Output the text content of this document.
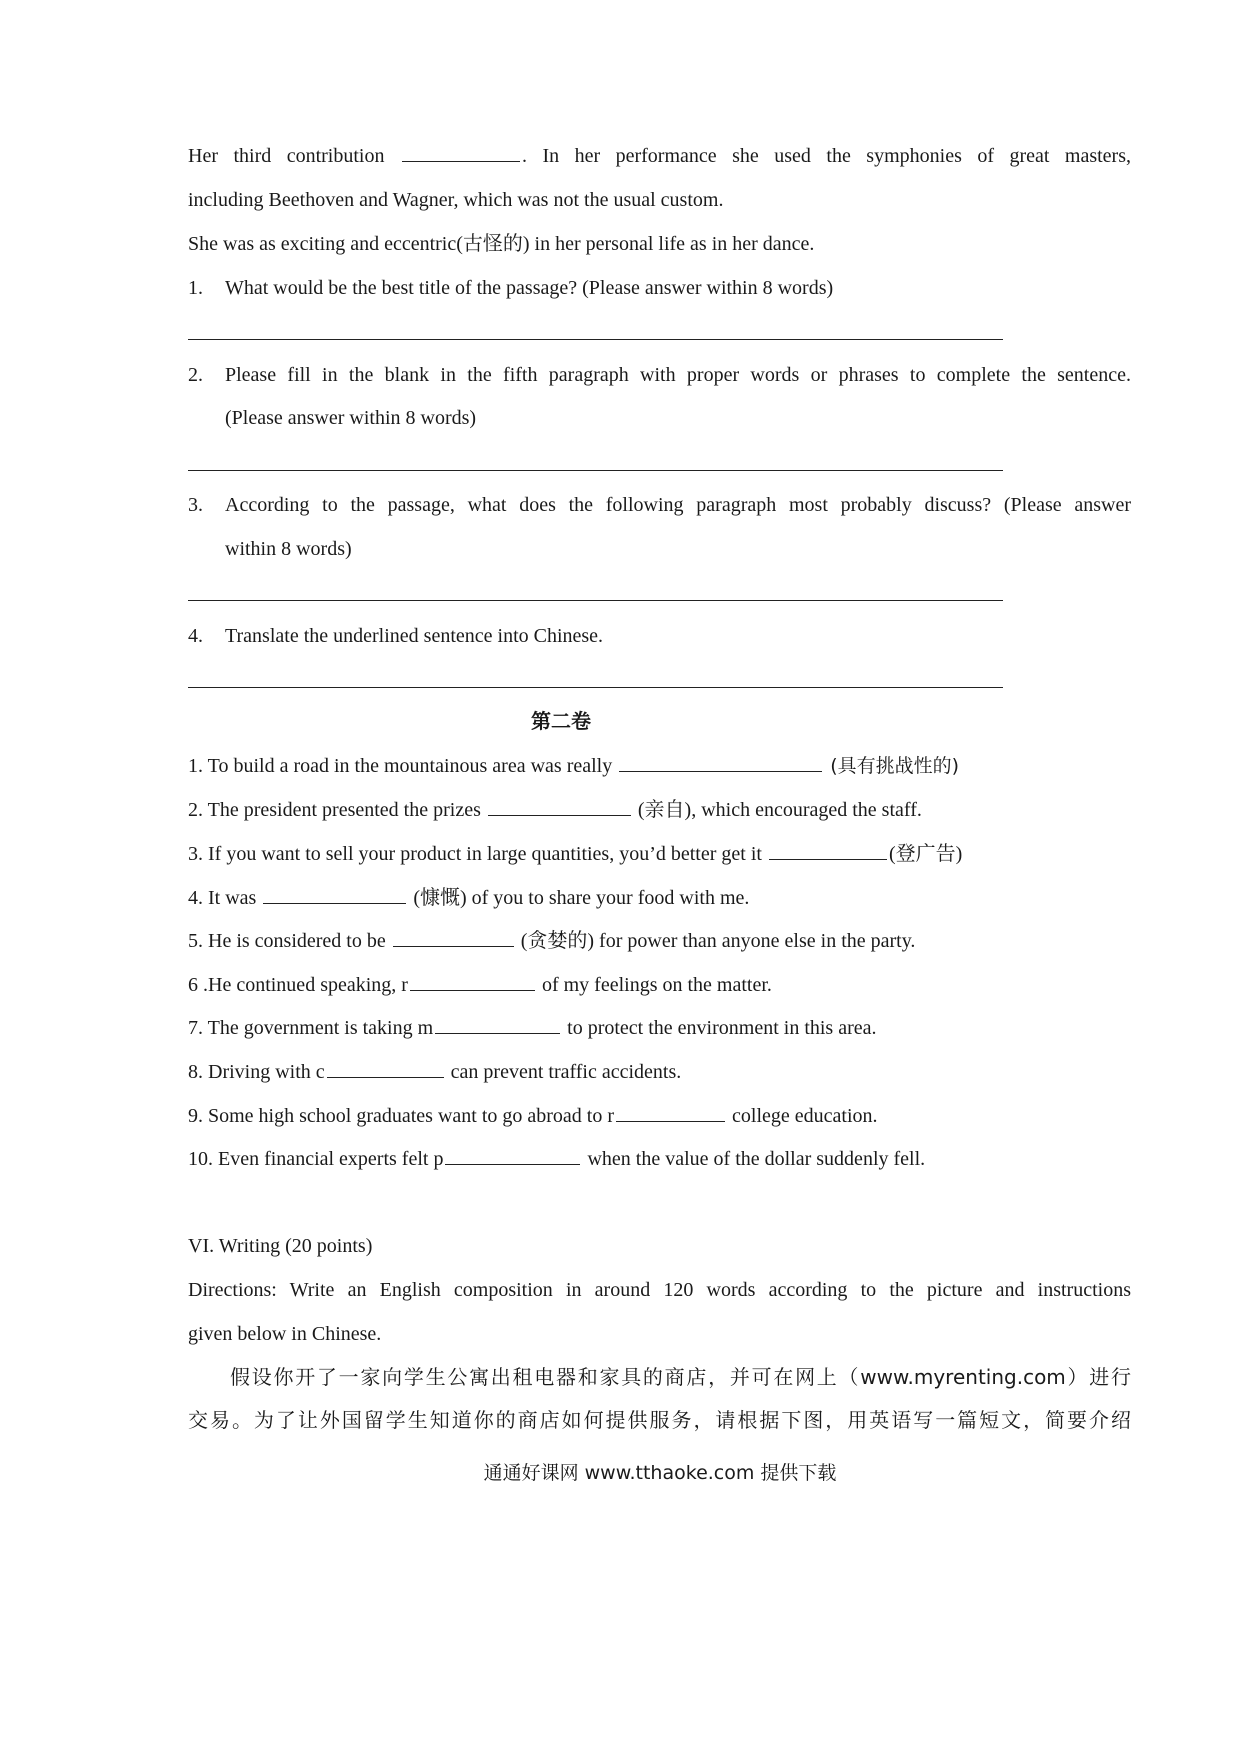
Her third contribution	. In her performance she used the symphonies of great masters,
including Beethoven and Wagner, which was not the usual custom.
She was as exciting and eccentric(古怪的) in her personal life as in her dance.
1. What would be the best title of the passage? (Please answer within 8 words)
2. Please fill in the blank in the fifth paragraph with proper words or phrases to complete the sentence.
(Please answer within 8 words)
3. According to the passage, what does the following paragraph most probably discuss? (Please answer
within 8 words)
4. Translate the underlined sentence into Chinese.
第二卷
1. To build a road in the mountainous area was really	(具有挑战性的)
2. The president presented the prizes	(亲自), which encouraged the staff.
3. If you want to sell your product in large quantities, you’d better get it	(登广告)
4. It was	(慷慨) of you to share your food with me.
5. He is considered to be	(贪婪的) for power than anyone else in the party.
6 .He continued speaking, r	of my feelings on the matter.
7. The government is taking m	to protect the environment in this area.
8. Driving with c	can prevent traffic accidents.
9. Some high school graduates want to go abroad to r	college education.
10. Even financial experts felt p	when the value of the dollar suddenly fell.
VI. Writing (20 points)
Directions: Write an English composition in around 120 words according to the picture and instructions
given below in Chinese.
假设你开了一家向学生公寓出租电器和家具的商店，并可在网上（www.myrenting.com）进行
交易。为了让外国留学生知道你的商店如何提供服务，请根据下图，用英语写一篇短文，简要介绍
通通好课网 www.tthaoke.com 提供下载
